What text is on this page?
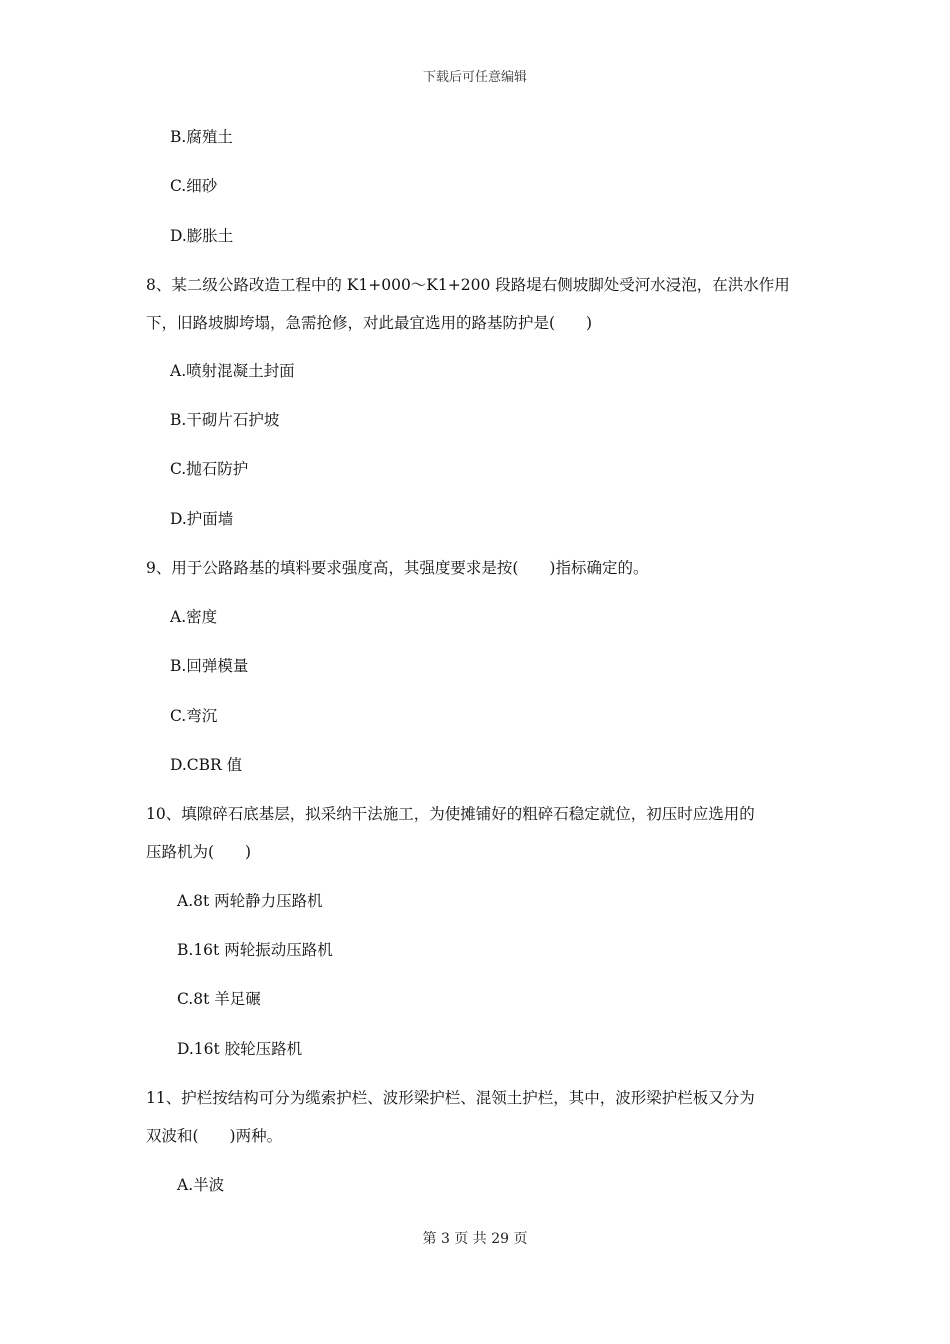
下载后可任意编辑
B.腐殖土
C.细砂
D.膨胀土
8、某二级公路改造工程中的 K1+000～K1+200 段路堤右侧坡脚处受河水浸泡，在洪水作用
下，旧路坡脚垮塌，急需抢修，对此最宜选用的路基防护是(　　)
A.喷射混凝土封面
B.干砌片石护坡
C.抛石防护
D.护面墙
9、用于公路路基的填料要求强度高，其强度要求是按(　　)指标确定的。
A.密度
B.回弹模量
C.弯沉
D.CBR 值
10、填隙碎石底基层，拟采纳干法施工，为使摊铺好的粗碎石稳定就位，初压时应选用的
压路机为(　　)
A.8t 两轮静力压路机
B.16t 两轮振动压路机
C.8t 羊足碾
D.16t 胶轮压路机
11、护栏按结构可分为缆索护栏、波形梁护栏、混领土护栏，其中，波形梁护栏板又分为
双波和(　　)两种。
A.半波
第 3 页 共 29 页
